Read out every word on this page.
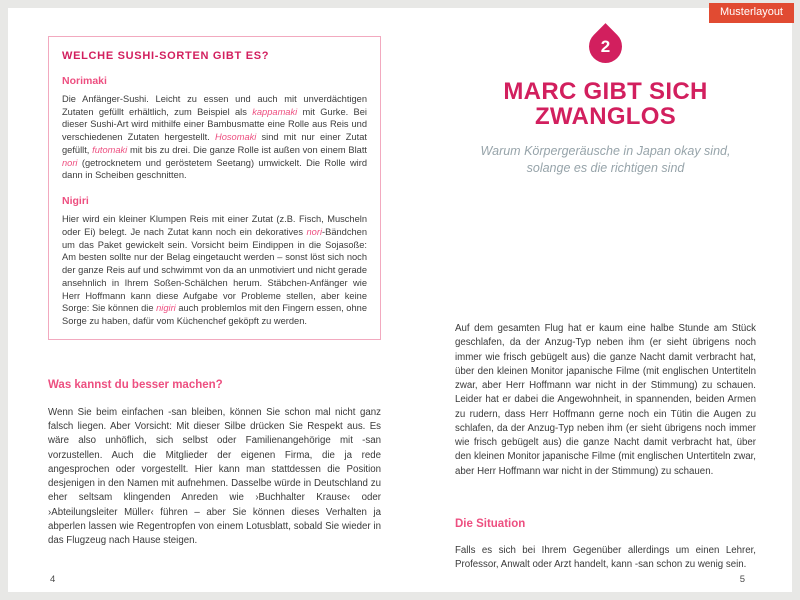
Musterlayout
WELCHE SUSHI-SORTEN GIBT ES?
Norimaki

Die Anfänger-Sushi. Leicht zu essen und auch mit unverdächtigen Zutaten gefüllt erhältlich, zum Beispiel als kappamaki mit Gurke. Bei dieser Sushi-Art wird mithilfe einer Bambusmatte eine Rolle aus Reis und verschiedenen Zutaten hergestellt. Hosomaki sind mit nur einer Zutat gefüllt, futomaki mit bis zu drei. Die ganze Rolle ist außen von einem Blatt nori (getrocknetem und geröstetem Seetang) umwickelt. Die Rolle wird dann in Scheiben geschnitten.

Nigiri

Hier wird ein kleiner Klumpen Reis mit einer Zutat (z.B. Fisch, Muscheln oder Ei) belegt. Je nach Zutat kann noch ein dekoratives nori-Bändchen um das Paket gewickelt sein. Vorsicht beim Eindippen in die Sojasoße: Am besten sollte nur der Belag eingetaucht werden – sonst löst sich noch der ganze Reis auf und schwimmt von da an unmotiviert und nicht gerade ansehnlich in Ihrem Soßen-Schälchen herum. Stäbchen-Anfänger wie Herr Hoffmann kann diese Aufgabe vor Probleme stellen, aber keine Sorge: Sie können die nigiri auch problemlos mit den Fingern essen, ohne Sorge zu haben, dafür vom Küchenchef geköpft zu werden.

Was kannst du besser machen?

Wenn Sie beim einfachen -san bleiben, können Sie schon mal nicht ganz falsch liegen. Aber Vorsicht: Mit dieser Silbe drücken Sie Respekt aus. Es wäre also unhöflich, sich selbst oder Familienangehörige mit -san vorzustellen. Auch die Mitglieder der eigenen Firma, die ja rede angesprochen oder vorgestellt. Hier kann man stattdessen die Position desjenigen in den Namen mit aufnehmen. Dasselbe würde in Deutschland zu eher seltsam klingenden Anreden wie ›Buchhalter Krause‹ oder ›Abteilungsleiter Müller‹ führen – aber Sie können dieses Verhalten ja abperlen lassen wie Regentropfen von einem Lotusblatt, sobald Sie wieder in das Flugzeug nach Hause steigen.

2
MARC GIBT SICH
ZWANGLOS

Warum Körpergeräusche in Japan okay sind, solange es die richtigen sind

Auf dem gesamten Flug hat er kaum eine halbe Stunde am Stück geschlafen, da der Anzug-Typ neben ihm (er sieht übrigens noch immer wie frisch gebügelt aus) die ganze Nacht damit verbracht hat, über den kleinen Monitor japanische Filme (mit englischen Untertiteln zwar, aber Herr Hoffmann war nicht in der Stimmung) zu schauen. Leider hat er dabei die Angewohnheit, in spannenden, beiden Armen zu rudern, dass Herr Hoffmann gerne noch ein Tütin die Augen zu schlafen, da der Anzug-Typ neben ihm (er sieht übrigens noch immer wie frisch gebügelt aus) die ganze Nacht damit verbracht hat, über den kleinen Monitor japanische Filme (mit englischen Untertiteln zwar, aber Herr Hoffmann war nicht in der Stimmung) zu schauen.

Die Situation

Falls es sich bei Ihrem Gegenüber allerdings um einen Lehrer, Professor, Anwalt oder Arzt handelt, kann -san schon zu wenig sein.

4	5
